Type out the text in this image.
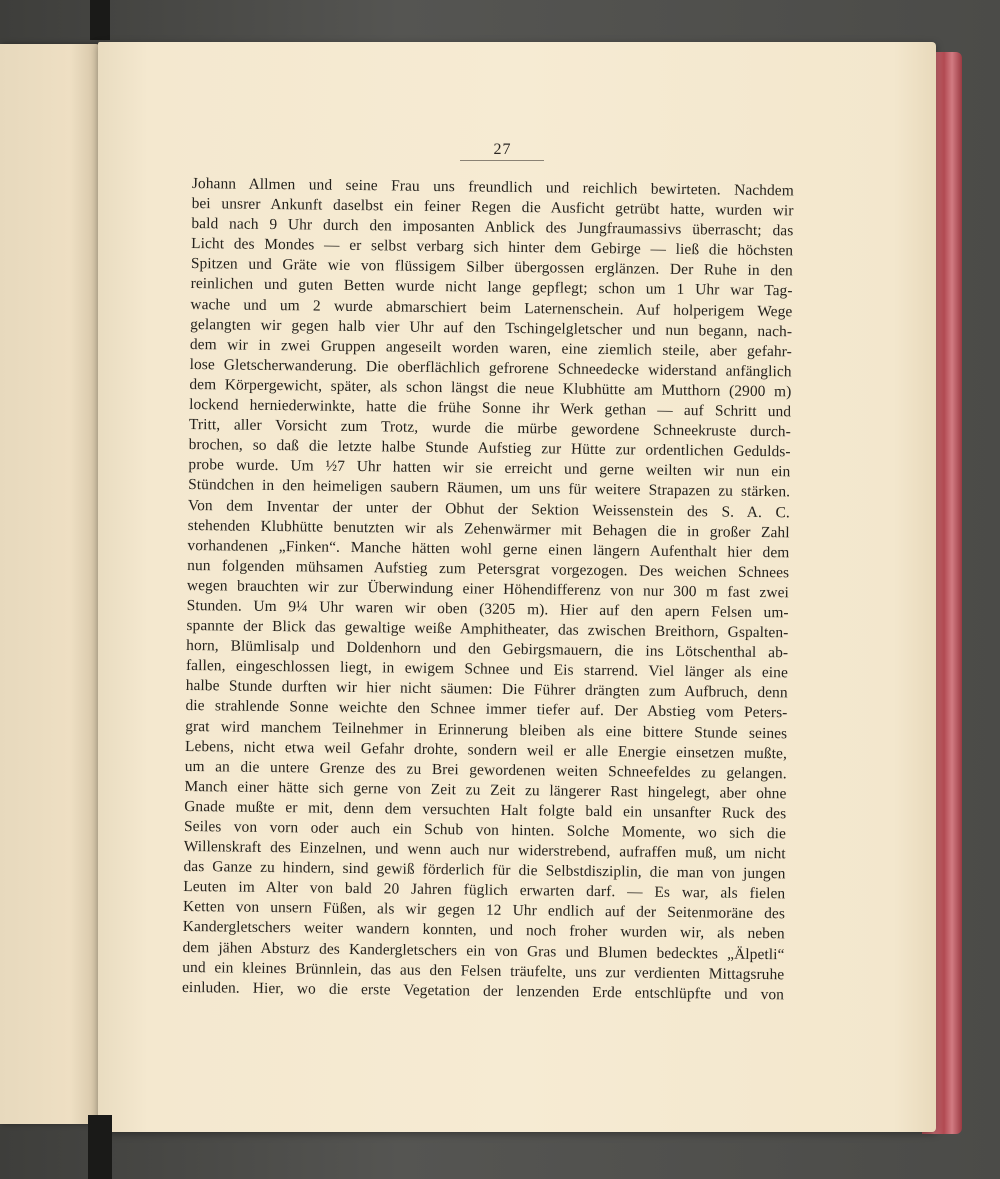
27
Johann Allmen und seine Frau uns freundlich und reichlich bewirteten. Nachdem
bei unsrer Ankunft daselbst ein feiner Regen die Ausficht getrübt hatte, wurden wir
bald nach 9 Uhr durch den imposanten Anblick des Jungfraumassivs überrascht; das
Licht des Mondes — er selbst verbarg sich hinter dem Gebirge — ließ die höchsten
Spitzen und Gräte wie von flüssigem Silber übergossen erglänzen. Der Ruhe in den
reinlichen und guten Betten wurde nicht lange gepflegt; schon um 1 Uhr war Tag-
wache und um 2 wurde abmarschiert beim Laternenschein. Auf holperigem Wege
gelangten wir gegen halb vier Uhr auf den Tschingelgletscher und nun begann, nach-
dem wir in zwei Gruppen angeseilt worden waren, eine ziemlich steile, aber gefahr-
lose Gletscherwanderung. Die oberflächlich gefrorene Schneedecke widerstand anfänglich
dem Körpergewicht, später, als schon längst die neue Klubhütte am Mutthorn (2900 m)
lockend herniederwinkte, hatte die frühe Sonne ihr Werk gethan — auf Schritt und
Tritt, aller Vorsicht zum Trotz, wurde die mürbe gewordene Schneekruste durch-
brochen, so daß die letzte halbe Stunde Aufstieg zur Hütte zur ordentlichen Gedulds-
probe wurde. Um ½7 Uhr hatten wir sie erreicht und gerne weilten wir nun ein
Stündchen in den heimeligen saubern Räumen, um uns für weitere Strapazen zu stärken.
Von dem Inventar der unter der Obhut der Sektion Weissenstein des S. A. C.
stehenden Klubhütte benutzten wir als Zehenwärmer mit Behagen die in großer Zahl
vorhandenen „Finken“. Manche hätten wohl gerne einen längern Aufenthalt hier dem
nun folgenden mühsamen Aufstieg zum Petersgrat vorgezogen. Des weichen Schnees
wegen brauchten wir zur Überwindung einer Höhendifferenz von nur 300 m fast zwei
Stunden. Um 9¼ Uhr waren wir oben (3205 m). Hier auf den apern Felsen um-
spannte der Blick das gewaltige weiße Amphitheater, das zwischen Breithorn, Gspalten-
horn, Blümlisalp und Doldenhorn und den Gebirgsmauern, die ins Lötschenthal ab-
fallen, eingeschlossen liegt, in ewigem Schnee und Eis starrend. Viel länger als eine
halbe Stunde durften wir hier nicht säumen: Die Führer drängten zum Aufbruch, denn
die strahlende Sonne weichte den Schnee immer tiefer auf. Der Abstieg vom Peters-
grat wird manchem Teilnehmer in Erinnerung bleiben als eine bittere Stunde seines
Lebens, nicht etwa weil Gefahr drohte, sondern weil er alle Energie einsetzen mußte,
um an die untere Grenze des zu Brei gewordenen weiten Schneefeldes zu gelangen.
Manch einer hätte sich gerne von Zeit zu Zeit zu längerer Rast hingelegt, aber ohne
Gnade mußte er mit, denn dem versuchten Halt folgte bald ein unsanfter Ruck des
Seiles von vorn oder auch ein Schub von hinten. Solche Momente, wo sich die
Willenskraft des Einzelnen, und wenn auch nur widerstrebend, aufraffen muß, um nicht
das Ganze zu hindern, sind gewiß förderlich für die Selbstdisziplin, die man von jungen
Leuten im Alter von bald 20 Jahren füglich erwarten darf. — Es war, als fielen
Ketten von unsern Füßen, als wir gegen 12 Uhr endlich auf der Seitenmoräne des
Kandergletschers weiter wandern konnten, und noch froher wurden wir, als neben
dem jähen Absturz des Kandergletschers ein von Gras und Blumen bedecktes „Älpetli“
und ein kleines Brünnlein, das aus den Felsen träufelte, uns zur verdienten Mittagsruhe
einluden. Hier, wo die erste Vegetation der lenzenden Erde entschlüpfte und von
